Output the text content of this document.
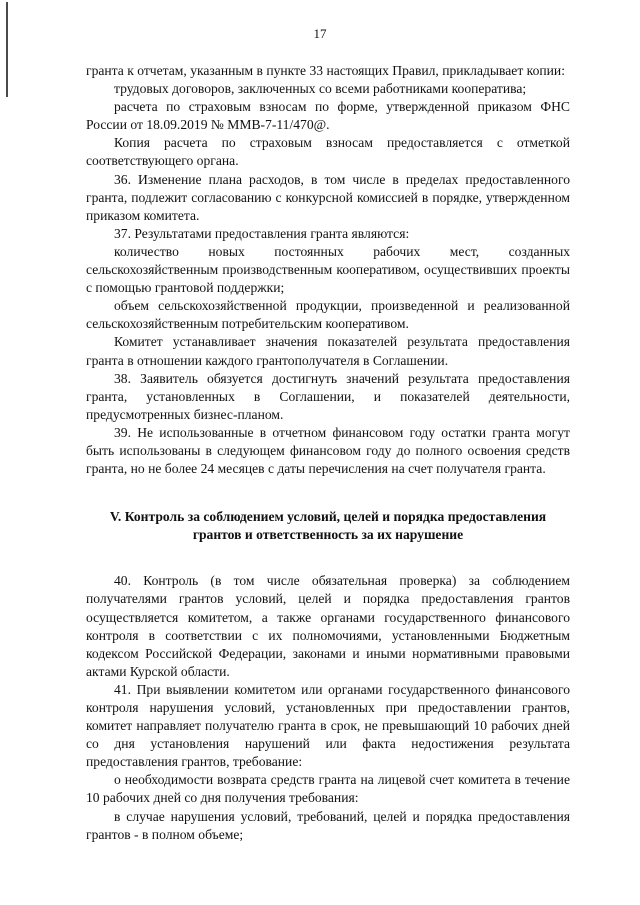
17

гранта к отчетам, указанным в пункте 33 настоящих Правил, прикладывает копии:

трудовых договоров, заключенных со всеми работниками кооператива;

расчета по страховым взносам по форме, утвержденной приказом ФНС России от 18.09.2019 № ММВ-7-11/470@.

Копия расчета по страховым взносам предоставляется с отметкой соответствующего органа.

36. Изменение плана расходов, в том числе в пределах предоставленного гранта, подлежит согласованию с конкурсной комиссией в порядке, утвержденном приказом комитета.

37. Результатами предоставления гранта являются:

количество новых постоянных рабочих мест, созданных сельскохозяйственным производственным кооперативом, осуществивших проекты с помощью грантовой поддержки;

объем сельскохозяйственной продукции, произведенной и реализованной сельскохозяйственным потребительским кооперативом.

Комитет устанавливает значения показателей результата предоставления гранта в отношении каждого грантополучателя в Соглашении.

38. Заявитель обязуется достигнуть значений результата предоставления гранта, установленных в Соглашении, и показателей деятельности, предусмотренных бизнес-планом.

39. Не использованные в отчетном финансовом году остатки гранта могут быть использованы в следующем финансовом году до полного освоения средств гранта, но не более 24 месяцев с даты перечисления на счет получателя гранта.

V. Контроль за соблюдением условий, целей и порядка предоставления грантов и ответственность за их нарушение

40. Контроль (в том числе обязательная проверка) за соблюдением получателями грантов условий, целей и порядка предоставления грантов осуществляется комитетом, а также органами государственного финансового контроля в соответствии с их полномочиями, установленными Бюджетным кодексом Российской Федерации, законами и иными нормативными правовыми актами Курской области.

41. При выявлении комитетом или органами государственного финансового контроля нарушения условий, установленных при предоставлении грантов, комитет направляет получателю гранта в срок, не превышающий 10 рабочих дней со дня установления нарушений или факта недостижения результата предоставления грантов, требование:

о необходимости возврата средств гранта на лицевой счет комитета в течение 10 рабочих дней со дня получения требования:

в случае нарушения условий, требований, целей и порядка предоставления грантов - в полном объеме;
